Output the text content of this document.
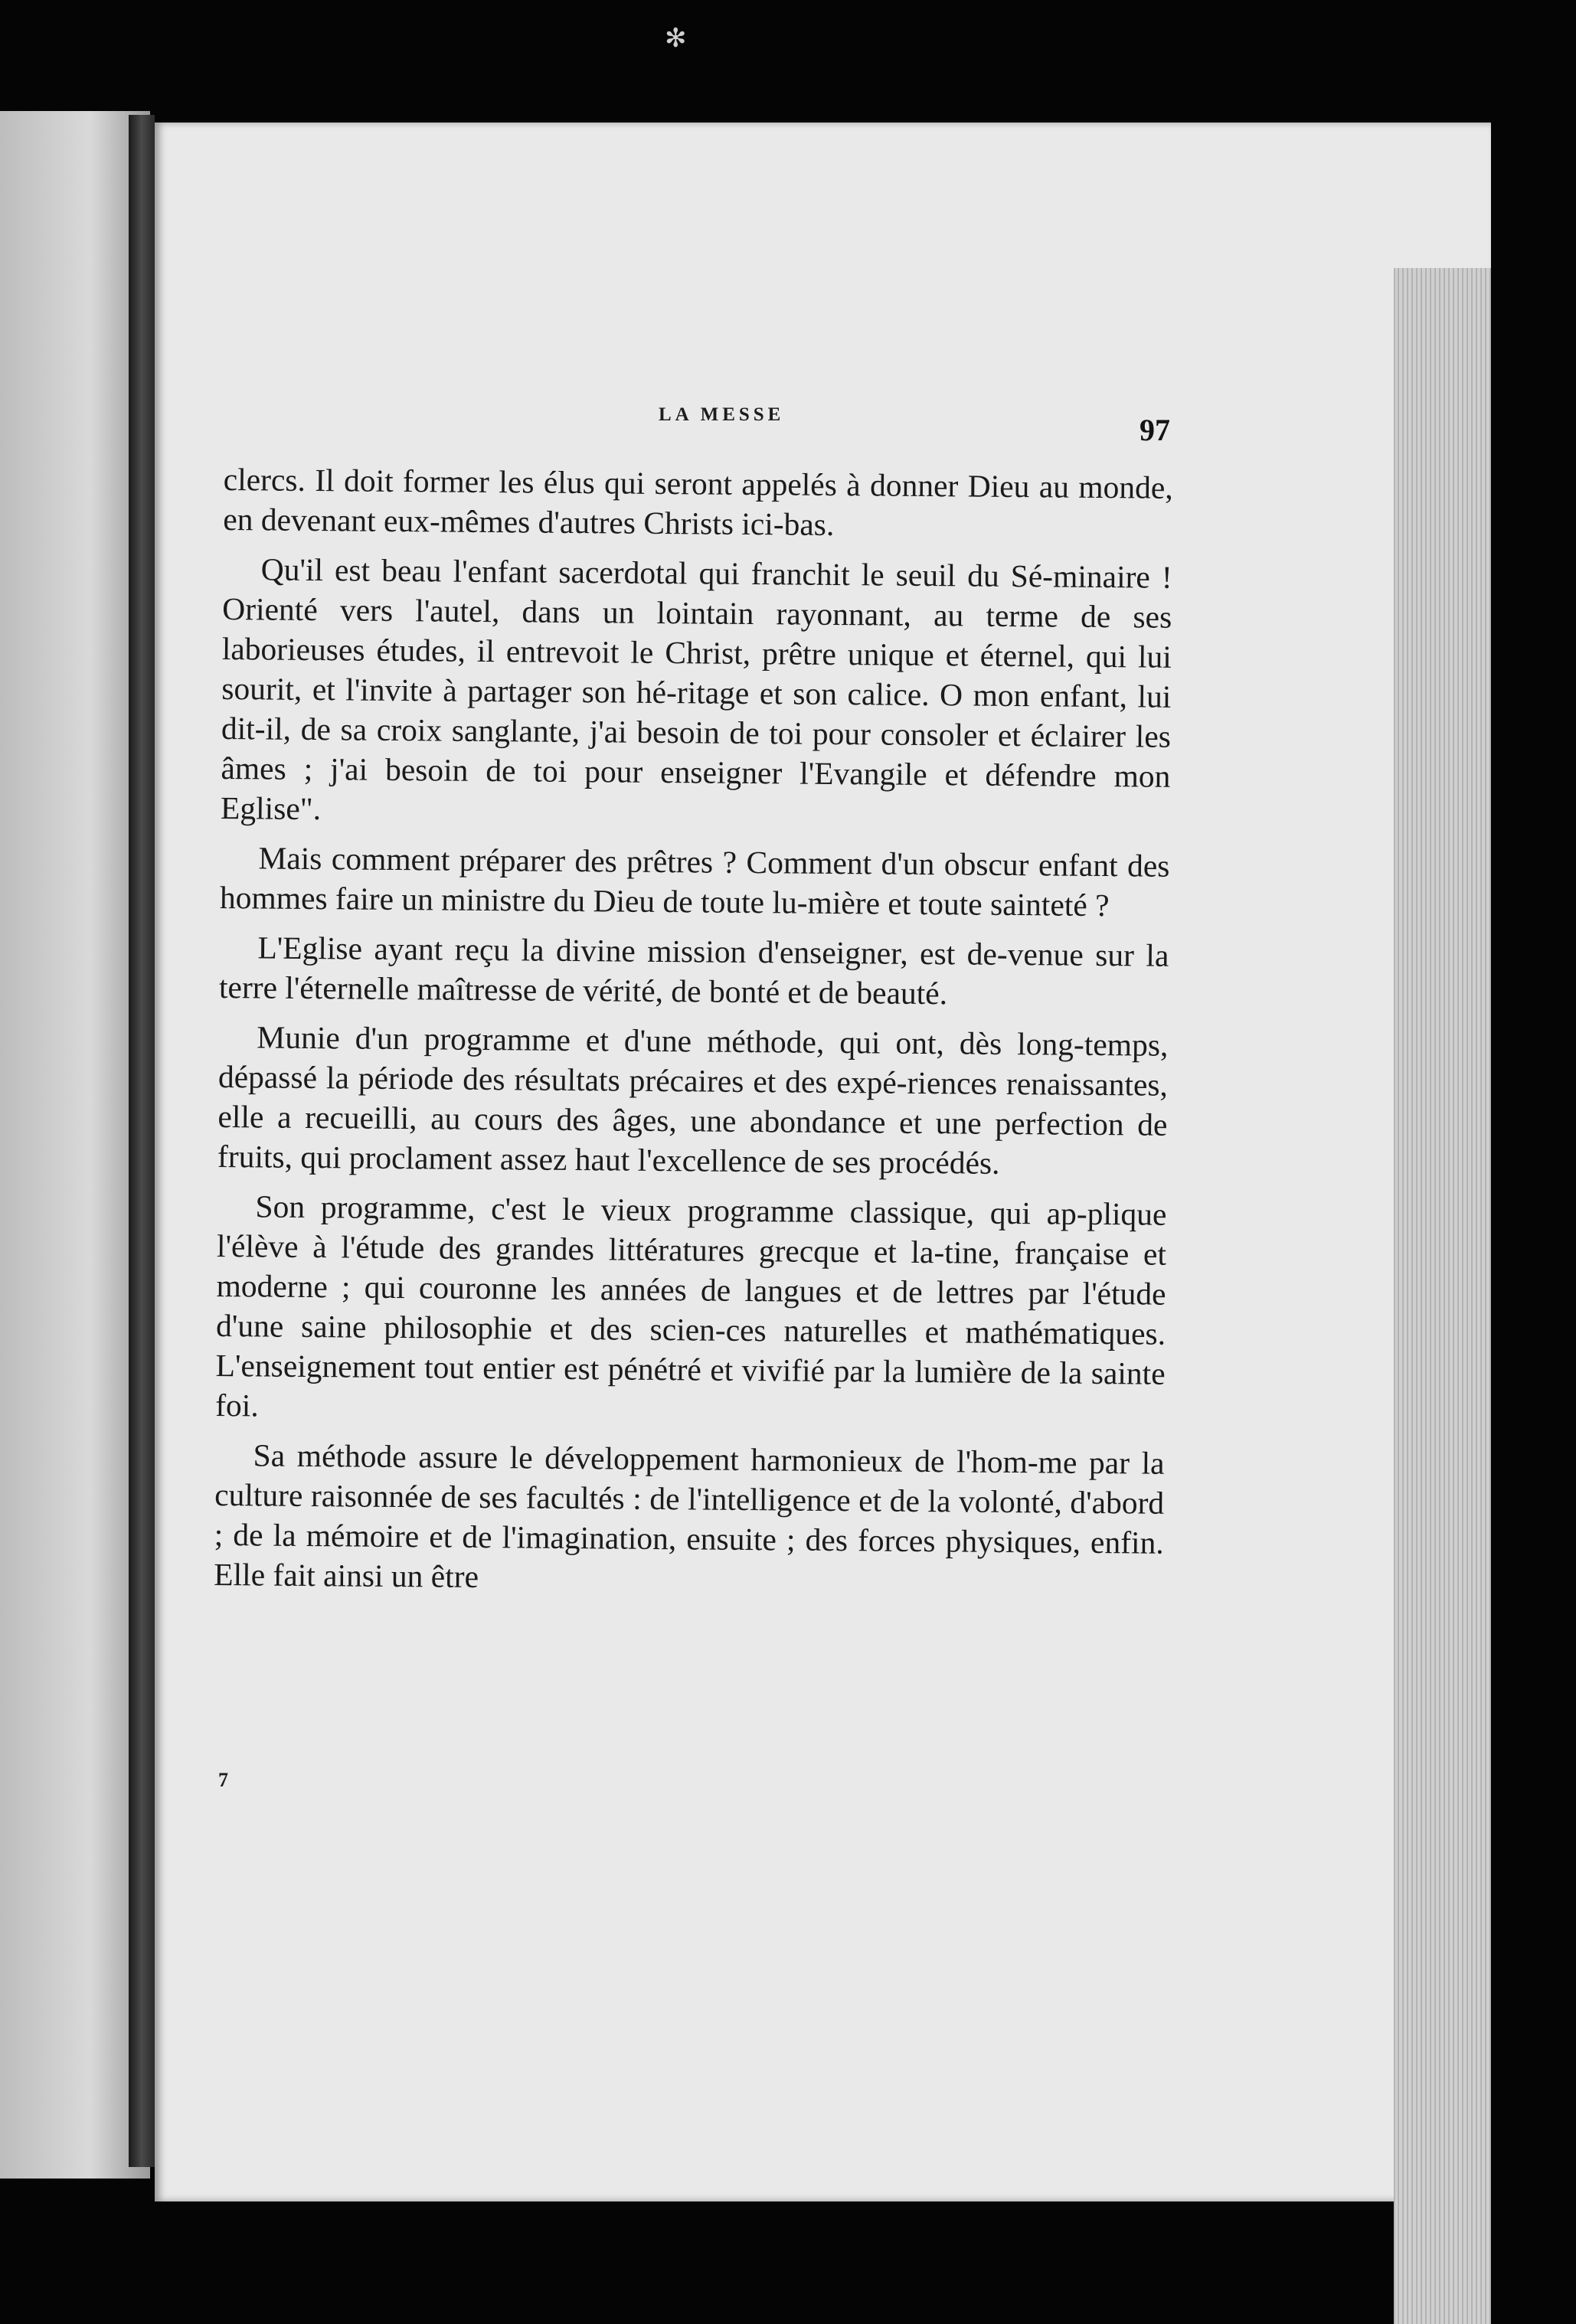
✻
LA MESSE	97

clercs. Il doit former les élus qui seront appelés à donner Dieu au monde, en devenant eux-mêmes d'autres Christs ici-bas.

Qu'il est beau l'enfant sacerdotal qui franchit le seuil du Sé-minaire ! Orienté vers l'autel, dans un lointain rayonnant, au terme de ses laborieuses études, il entrevoit le Christ, prêtre unique et éternel, qui lui sourit, et l'invite à partager son hé-ritage et son calice. O mon enfant, lui dit-il, de sa croix sanglante, j'ai besoin de toi pour consoler et éclairer les âmes ; j'ai besoin de toi pour enseigner l'Evangile et défendre mon Eglise".

Mais comment préparer des prêtres ? Comment d'un obscur enfant des hommes faire un ministre du Dieu de toute lu-mière et toute sainteté ?

L'Eglise ayant reçu la divine mission d'enseigner, est de-venue sur la terre l'éternelle maîtresse de vérité, de bonté et de beauté.

Munie d'un programme et d'une méthode, qui ont, dès long-temps, dépassé la période des résultats précaires et des expé-riences renaissantes, elle a recueilli, au cours des âges, une abondance et une perfection de fruits, qui proclament assez haut l'excellence de ses procédés.

Son programme, c'est le vieux programme classique, qui ap-plique l'élève à l'étude des grandes littératures grecque et la-tine, française et moderne ; qui couronne les années de langues et de lettres par l'étude d'une saine philosophie et des scien-ces naturelles et mathématiques. L'enseignement tout entier est pénétré et vivifié par la lumière de la sainte foi.

Sa méthode assure le développement harmonieux de l'hom-me par la culture raisonnée de ses facultés : de l'intelligence et de la volonté, d'abord ; de la mémoire et de l'imagination, ensuite ; des forces physiques, enfin. Elle fait ainsi un être

7
